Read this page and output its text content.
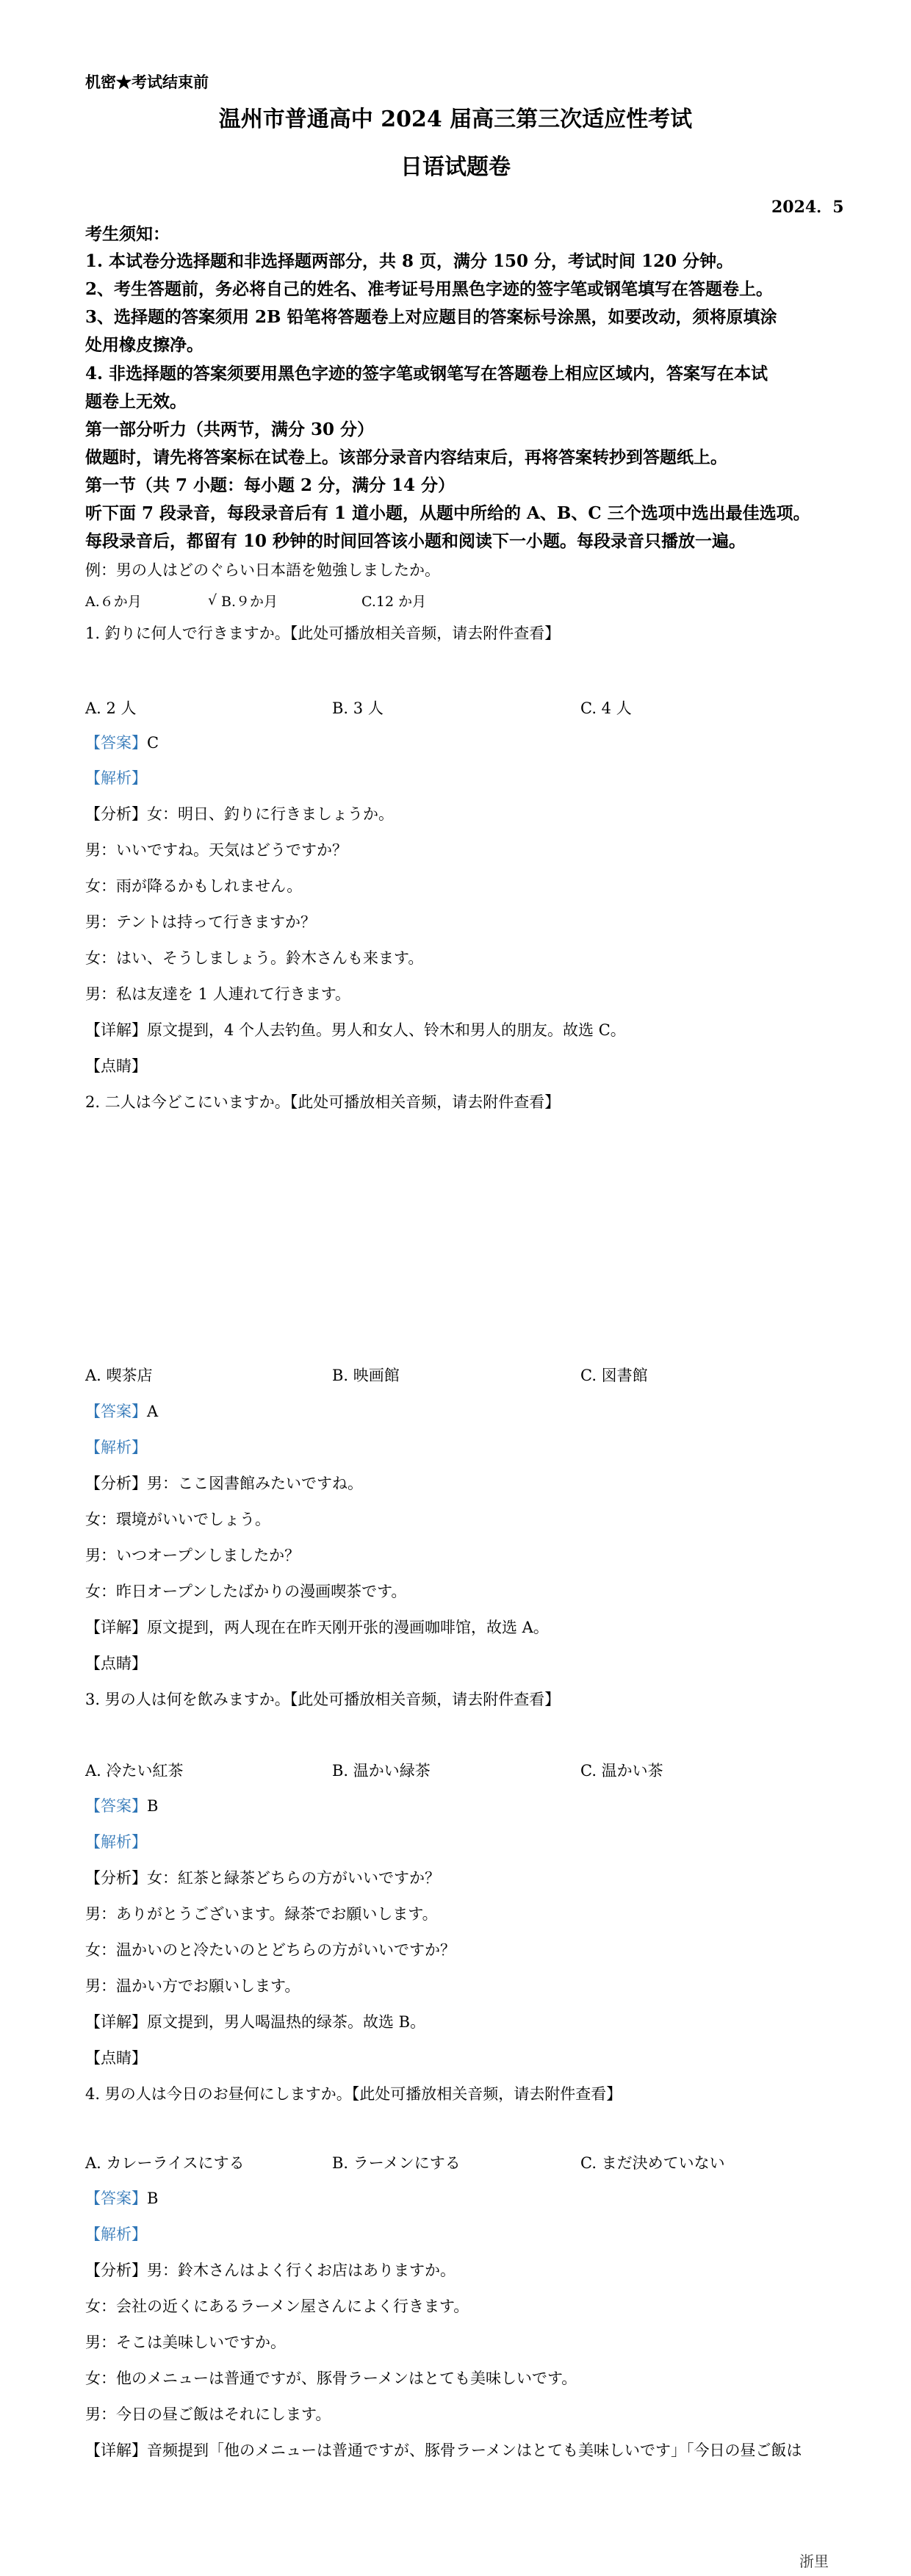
机密★考试结束前
温州市普通高中 2024 届高三第三次适应性考试
日语试题卷
2024．5
考生须知：
1. 本试卷分选择题和非选择题两部分，共 8 页，满分 150 分，考试时间 120 分钟。
2、考生答题前，务必将自己的姓名、准考证号用黑色字迹的签字笔或钢笔填写在答题卷上。
3、选择题的答案须用 2B 铅笔将答题卷上对应题目的答案标号涂黑，如要改动，须将原填涂
处用橡皮擦净。
4. 非选择题的答案须要用黑色字迹的签字笔或钢笔写在答题卷上相应区域内，答案写在本试
题卷上无效。
第一部分听力（共两节，满分 30 分）
做题时，请先将答案标在试卷上。该部分录音内容结束后，再将答案转抄到答题纸上。
第一节（共 7 小题：每小题 2 分，满分 14 分）
听下面 7 段录音，每段录音后有 1 道小题，从题中所给的 A、B、C 三个选项中选出最佳选项。
每段录音后，都留有 10 秒钟的时间回答该小题和阅读下一小题。每段录音只播放一遍。
例：男の人はどのぐらい日本語を勉強しましたか。
A.６か月	√ B.９か月	C.12 か月
1. 釣りに何人で行きますか。【此处可播放相关音频，请去附件查看】
A. 2 人	B. 3 人	C. 4 人
【答案】C
【解析】
【分析】女：明日、釣りに行きましょうか。
男：いいですね。天気はどうですか？
女：雨が降るかもしれません。
男：テントは持って行きますか？
女：はい、そうしましょう。鈴木さんも来ます。
男：私は友達を 1 人連れて行きます。
【详解】原文提到，4 个人去钓鱼。男人和女人、铃木和男人的朋友。故选 C。
【点睛】
2. 二人は今どこにいますか。【此处可播放相关音频，请去附件查看】
A. 喫茶店	B. 映画館	C. 図書館
【答案】A
【解析】
【分析】男：ここ図書館みたいですね。
女：環境がいいでしょう。
男：いつオープンしましたか？
女：昨日オープンしたばかりの漫画喫茶です。
【详解】原文提到，两人现在在昨天刚开张的漫画咖啡馆，故选 A。
【点睛】
3. 男の人は何を飲みますか。【此处可播放相关音频，请去附件查看】
A. 冷たい紅茶	B. 温かい緑茶	C. 温かい茶
【答案】B
【解析】
【分析】女：紅茶と緑茶どちらの方がいいですか？
男：ありがとうございます。緑茶でお願いします。
女：温かいのと冷たいのとどちらの方がいいですか？
男：温かい方でお願いします。
【详解】原文提到，男人喝温热的绿茶。故选 B。
【点睛】
4. 男の人は今日のお昼何にしますか。【此处可播放相关音频，请去附件查看】
A. カレーライスにする	B. ラーメンにする	C. まだ決めていない
【答案】B
【解析】
【分析】男：鈴木さんはよく行くお店はありますか。
女：会社の近くにあるラーメン屋さんによく行きます。
男：そこは美味しいですか。
女：他のメニューは普通ですが、豚骨ラーメンはとても美味しいです。
男：今日の昼ご飯はそれにします。
【详解】音频提到「他のメニューは普通ですが、豚骨ラーメンはとても美味しいです」「今日の昼ご飯は
浙里
